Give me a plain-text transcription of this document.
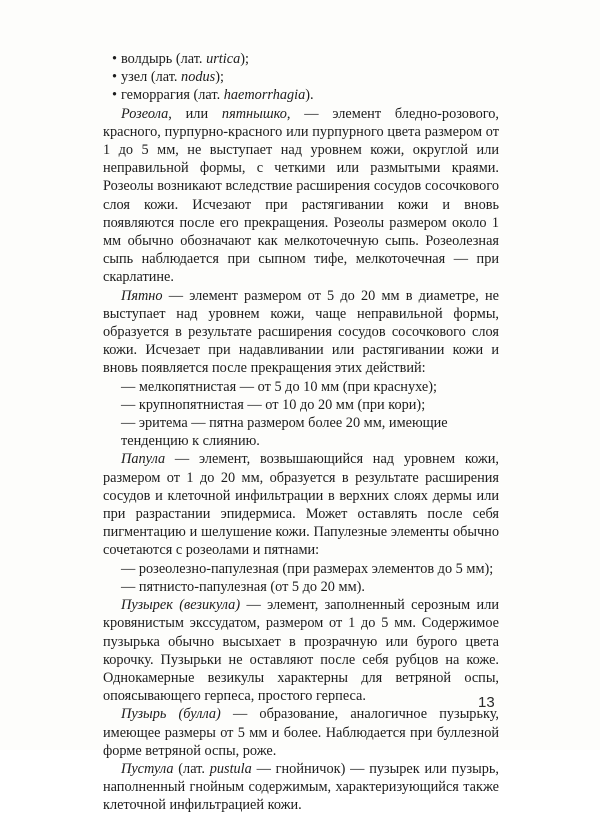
• волдырь (лат. urtica);
• узел (лат. nodus);
• геморрагия (лат. haemorrhagia).

Розеола, или пятнышко, — элемент бледно-розового, красного, пурпурно-красного или пурпурного цвета размером от 1 до 5 мм, не выступает над уровнем кожи, округлой или неправильной формы, с четкими или размытыми краями. Розеолы возникают вследствие расширения сосудов сосочкового слоя кожи. Исчезают при растягивании кожи и вновь появляются после его прекращения. Розеолы размером около 1 мм обычно обозначают как мелкоточечную сыпь. Розеолезная сыпь наблюдается при сыпном тифе, мелкоточечная — при скарлатине.

Пятно — элемент размером от 5 до 20 мм в диаметре, не выступает над уровнем кожи, чаще неправильной формы, образуется в результате расширения сосудов сосочкового слоя кожи. Исчезает при надавливании или растягивании кожи и вновь появляется после прекращения этих действий:

— мелкопятнистая — от 5 до 10 мм (при краснухе);

— крупнопятнистая — от 10 до 20 мм (при кори);

— эритема — пятна размером более 20 мм, имеющие тенденцию к слиянию.

Папула — элемент, возвышающийся над уровнем кожи, размером от 1 до 20 мм, образуется в результате расширения сосудов и клеточной инфильтрации в верхних слоях дермы или при разрастании эпидермиса. Может оставлять после себя пигментацию и шелушение кожи. Папулезные элементы обычно сочетаются с розеолами и пятнами:

— розеолезно-папулезная (при размерах элементов до 5 мм);

— пятнисто-папулезная (от 5 до 20 мм).

Пузырек (везикула) — элемент, заполненный серозным или кровянистым экссудатом, размером от 1 до 5 мм. Содержимое пузырька обычно высыхает в прозрачную или бурого цвета корочку. Пузырьки не оставляют после себя рубцов на коже. Однокамерные везикулы характерны для ветряной оспы, опоясывающего герпеса, простого герпеса.

Пузырь (булла) — образование, аналогичное пузырьку, имеющее размеры от 5 мм и более. Наблюдается при буллезной форме ветряной оспы, роже.

Пустула (лат. pustula — гнойничок) — пузырек или пузырь, наполненный гнойным содержимым, характеризующийся также клеточной инфильтрацией кожи.

13
